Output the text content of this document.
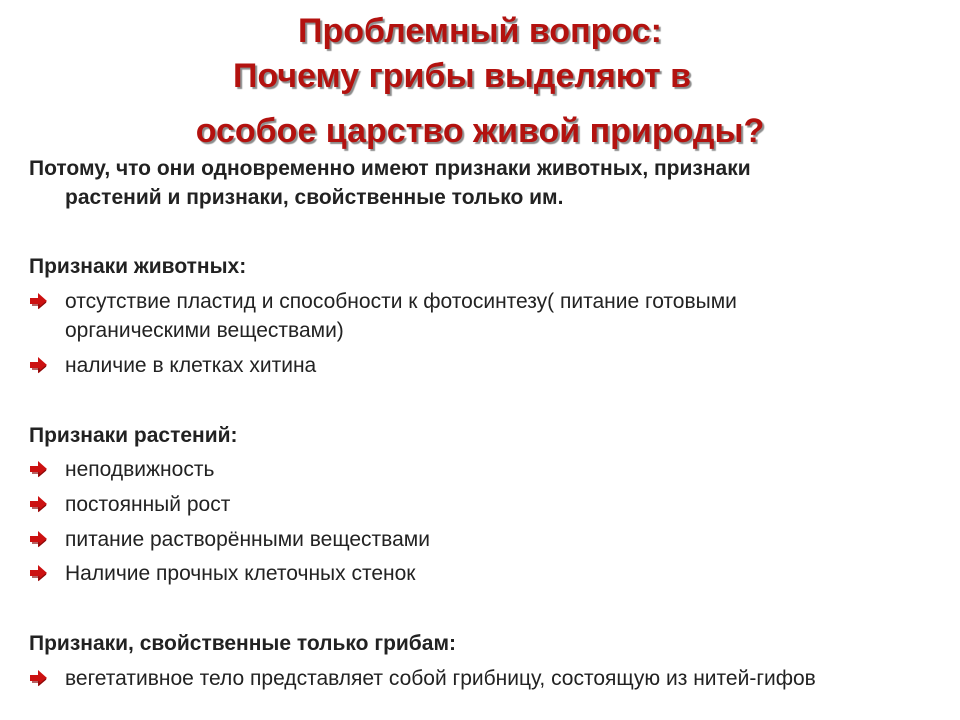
Проблемный вопрос:
Почему грибы выделяют в
особое царство живой природы?

Потому, что они одновременно имеют признаки животных, признаки

растений и признаки, свойственные только им.

Признаки животных:

отсутствие пластид и способности к фотосинтезу( питание готовыми

органическими веществами)

наличие в клетках хитина

Признаки растений:

неподвижность

постоянный рост

питание растворёнными веществами

Наличие прочных клеточных стенок

Признаки, свойственные только грибам:

вегетативное тело представляет собой грибницу, состоящую из нитей-гифов
